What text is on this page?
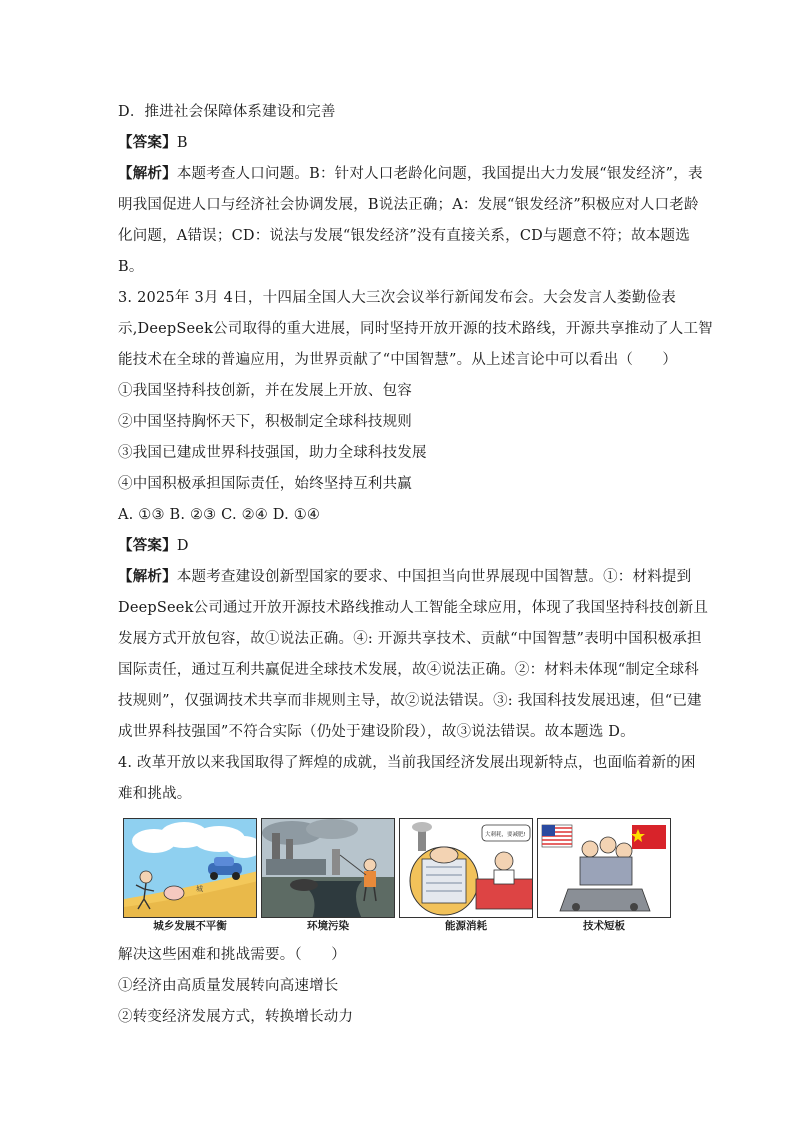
D．推进社会保障体系建设和完善
【答案】B
【解析】本题考查人口问题。B：针对人口老龄化问题，我国提出大力发展“银发经济”，表
明我国促进人口与经济社会协调发展，B说法正确；A：发展“银发经济”积极应对人口老龄
化问题，A错误；CD：说法与发展“银发经济”没有直接关系，CD与题意不符；故本题选
B。
3. 2025年 3月 4日，十四届全国人大三次会议举行新闻发布会。大会发言人娄勤俭表
示,DeepSeek公司取得的重大进展，同时坚持开放开源的技术路线，开源共享推动了人工智
能技术在全球的普遍应用，为世界贡献了“中国智慧”。从上述言论中可以看出（　　）
①我国坚持科技创新，并在发展上开放、包容
②中国坚持胸怀天下，积极制定全球科技规则
③我国已建成世界科技强国，助力全球科技发展
④中国积极承担国际责任，始终坚持互利共赢
A. ①③ B. ②③ C. ②④ D. ①④
【答案】D
【解析】本题考查建设创新型国家的要求、中国担当向世界展现中国智慧。①：材料提到
DeepSeek公司通过开放开源技术路线推动人工智能全球应用，体现了我国坚持科技创新且
发展方式开放包容，故①说法正确。④: 开源共享技术、贡献“中国智慧”表明中国积极承担
国际责任，通过互利共赢促进全球技术发展，故④说法正确。②：材料未体现“制定全球科
技规则”，仅强调技术共享而非规则主导，故②说法错误。③: 我国科技发展迅速，但“已建
成世界科技强国”不符合实际（仍处于建设阶段），故③说法错误。故本题选 D。
4. 改革开放以来我国取得了辉煌的成就，当前我国经济发展出现新特点，也面临着新的困
难和挑战。
城
大刺耗，要减肥!
城乡发展不平衡	环境污染	能源消耗	技术短板
解决这些困难和挑战需要。（　　）
①经济由高质量发展转向高速增长
②转变经济发展方式，转换增长动力
